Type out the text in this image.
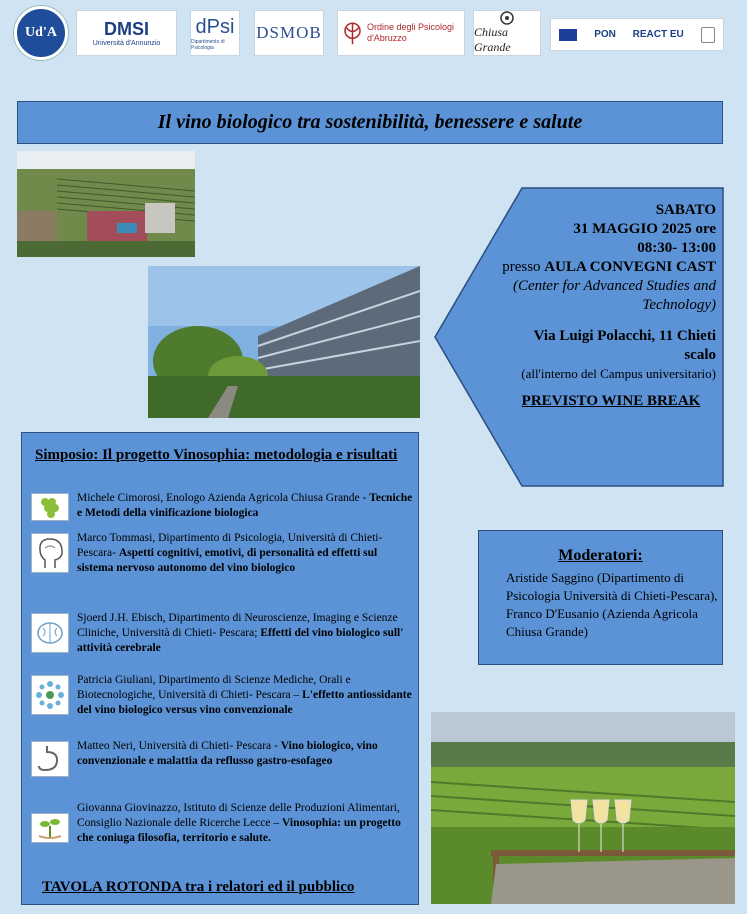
Ud'A	DMSI
Università d'Annunzio
dPsi
Dipartimento di Psicologia
DSMOB	Ordine degli Psicologi d'Abruzzo	Chiusa Grande
PON REACT EU
Il vino biologico tra sostenibilità, benessere e salute
SABATO
31 MAGGIO 2025 ore
08:30- 13:00
presso AULA CONVEGNI CAST (Center for Advanced Studies and Technology)
Via Luigi Polacchi, 11 Chieti
scalo
(all'interno del Campus universitario)
PREVISTO WINE BREAK
Simposio: Il progetto Vinosophia: metodologia e risultati
Michele Cimorosi, Enologo Azienda Agricola Chiusa Grande - Tecniche e Metodi della vinificazione biologica
Marco Tommasi, Dipartimento di Psicologia, Università di Chieti- Pescara- Aspetti cognitivi, emotivi, di personalità ed effetti sul sistema nervoso autonomo del vino biologico
Sjoerd J.H. Ebisch, Dipartimento di Neuroscienze, Imaging e Scienze Cliniche, Università di Chieti- Pescara; Effetti del vino biologico sull' attività cerebrale
Patricia Giuliani, Dipartimento di Scienze Mediche, Orali e Biotecnologiche, Università di Chieti- Pescara – L'effetto antiossidante del vino biologico versus vino convenzionale
Matteo Neri, Università di Chieti- Pescara - Vino biologico, vino convenzionale e malattia da reflusso gastro-esofageo
Giovanna Giovinazzo, Istituto di Scienze delle Produzioni Alimentari, Consiglio Nazionale delle Ricerche Lecce – Vinosophia: un progetto che coniuga filosofia, territorio e salute.
TAVOLA ROTONDA tra i relatori ed il pubblico
Moderatori:
Aristide Saggino (Dipartimento di Psicologia Università di Chieti-Pescara), Franco D'Eusanio (Azienda Agricola Chiusa Grande)
